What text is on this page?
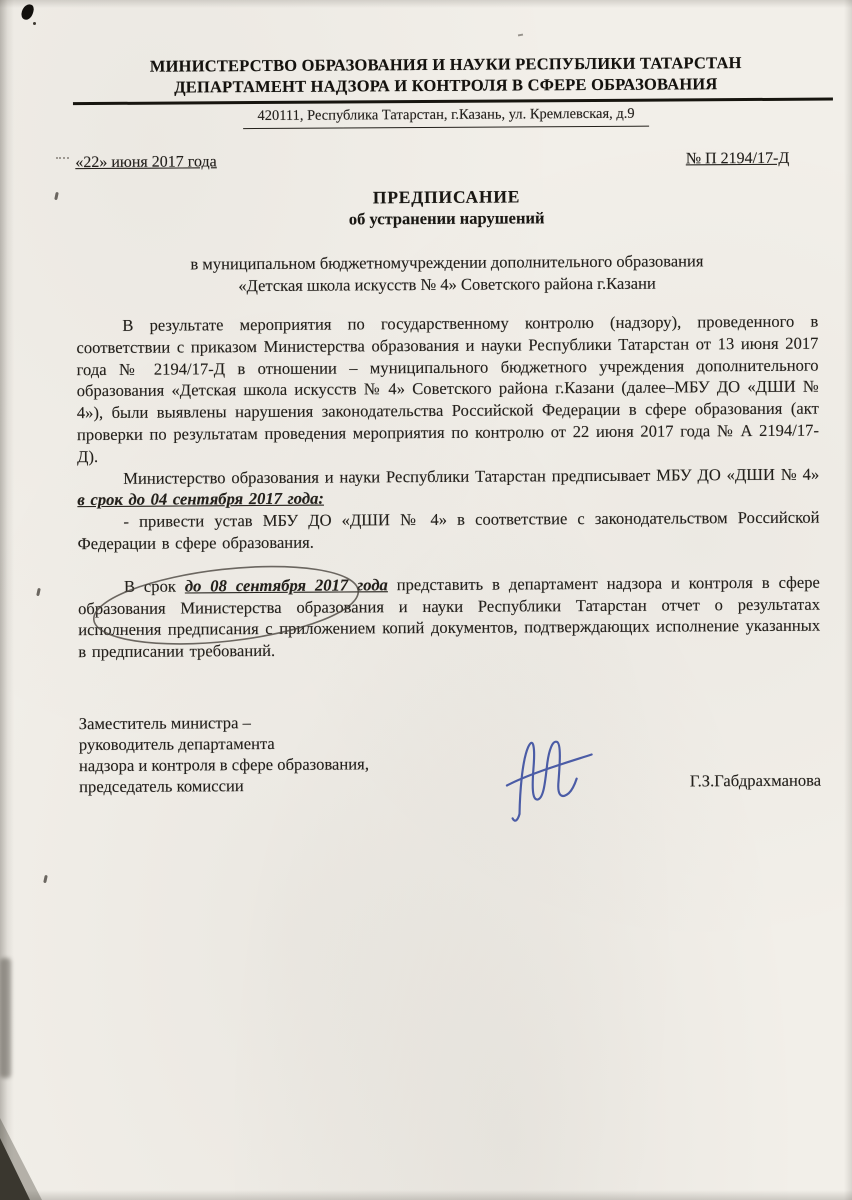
МИНИСТЕРСТВО ОБРАЗОВАНИЯ И НАУКИ РЕСПУБЛИКИ ТАТАРСТАН
ДЕПАРТАМЕНТ НАДЗОРА И КОНТРОЛЯ В СФЕРЕ ОБРАЗОВАНИЯ
420111, Республика Татарстан, г.Казань, ул. Кремлевская, д.9
«22» июня 2017 года	№ П 2194/17-Д
ПРЕДПИСАНИЕ
об устранении нарушений
в муниципальном бюджетномучреждении дополнительного образования
«Детская школа искусств № 4» Советского района г.Казани

В результате мероприятия по государственному контролю (надзору), проведенного в соответствии с приказом Министерства образования и науки Республики Татарстан от 13 июня 2017 года № 2194/17-Д в отношении – муниципального бюджетного учреждения дополнительного образования «Детская школа искусств № 4» Советского района г.Казани (далее–МБУ ДО «ДШИ № 4»), были выявлены нарушения законодательства Российской Федерации в сфере образования (акт проверки по результатам проведения мероприятия по контролю от 22 июня 2017 года № А 2194/17-Д).

Министерство образования и науки Республики Татарстан предписывает МБУ ДО «ДШИ № 4» в срок до 04 сентября 2017 года:

- привести устав МБУ ДО «ДШИ № 4» в соответствие с законодательством Российской Федерации в сфере образования.

В срок до 08 сентября 2017 года представить в департамент надзора и контроля в сфере образования Министерства образования и науки Республики Татарстан отчет о результатах исполнения предписания с приложением копий документов, подтверждающих исполнение указанных в предписании требований.

Заместитель министра –
руководитель департамента
надзора и контроля в сфере образования,
председатель комиссии	Г.З.Габдрахманова
